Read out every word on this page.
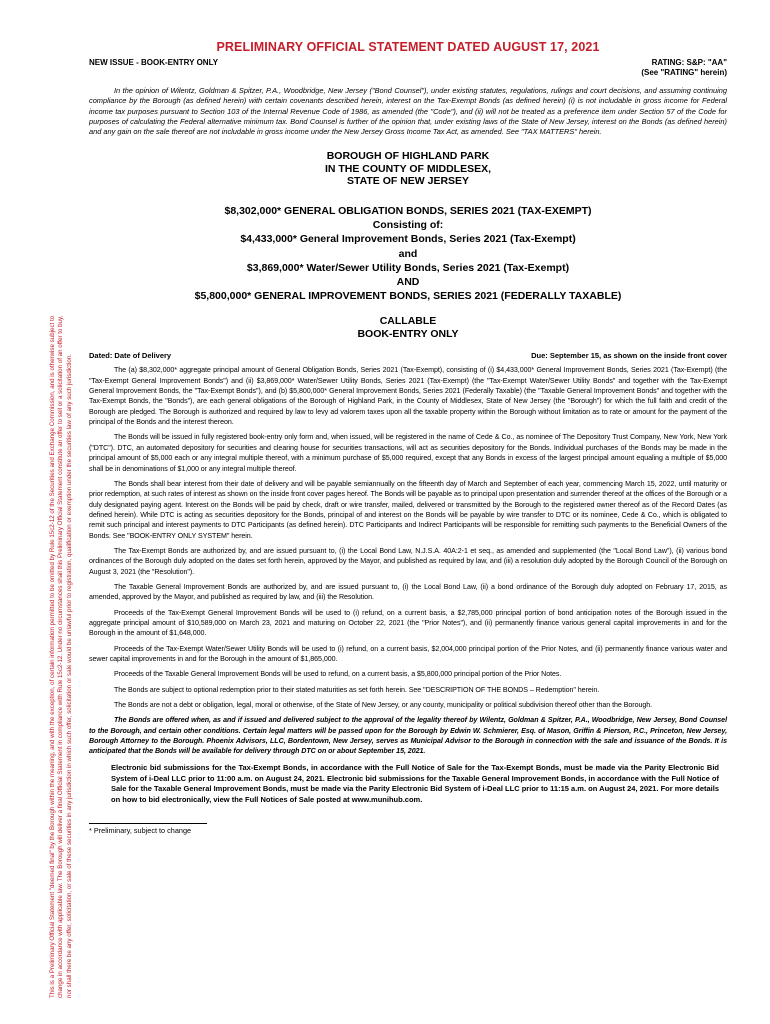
This is a Preliminary Official Statement "deemed final" by the Borough within the meaning, and with the exception, of certain information permitted to be omitted by Rule 15c2-12 of the Securities and Exchange Commission, and is otherwise subject to change in accordance with applicable law. The Borough will deliver a final Official Statement in compliance with Rule 15c2-12. Under no circumstances shall this Preliminary Official Statement constitute an offer to sell or a solicitation of an offer to buy, nor shall there be any offer, solicitation, or sale of these securities in any jurisdiction in which such offer, solicitation or sale would be unlawful prior to registration, qualification or exemption under the securities law of any such jurisdiction.

PRELIMINARY OFFICIAL STATEMENT DATED AUGUST 17, 2021
NEW ISSUE - BOOK-ENTRY ONLY	RATING: S&P: "AA"
(See "RATING" herein)

In the opinion of Wilentz, Goldman & Spitzer, P.A., Woodbridge, New Jersey ("Bond Counsel"), under existing statutes, regulations, rulings and court decisions, and assuming continuing compliance by the Borough (as defined herein) with certain covenants described herein, interest on the Tax-Exempt Bonds (as defined herein) (i) is not includable in gross income for Federal income tax purposes pursuant to Section 103 of the Internal Revenue Code of 1986, as amended (the "Code"), and (ii) will not be treated as a preference item under Section 57 of the Code for purposes of calculating the Federal alternative minimum tax. Bond Counsel is further of the opinion that, under existing laws of the State of New Jersey, interest on the Bonds (as defined herein) and any gain on the sale thereof are not includable in gross income under the New Jersey Gross Income Tax Act, as amended. See "TAX MATTERS" herein.

BOROUGH OF HIGHLAND PARK
IN THE COUNTY OF MIDDLESEX,
STATE OF NEW JERSEY
$8,302,000* GENERAL OBLIGATION BONDS, SERIES 2021 (TAX-EXEMPT)
Consisting of:
$4,433,000* General Improvement Bonds, Series 2021 (Tax-Exempt)
and
$3,869,000* Water/Sewer Utility Bonds, Series 2021 (Tax-Exempt)
AND
$5,800,000* GENERAL IMPROVEMENT BONDS, SERIES 2021 (FEDERALLY TAXABLE)
CALLABLE
BOOK-ENTRY ONLY
Dated: Date of Delivery	Due: September 15, as shown on the inside front cover

The (a) $8,302,000* aggregate principal amount of General Obligation Bonds, Series 2021 (Tax-Exempt), consisting of (i) $4,433,000* General Improvement Bonds, Series 2021 (Tax-Exempt) (the "Tax-Exempt General Improvement Bonds") and (ii) $3,869,000* Water/Sewer Utility Bonds, Series 2021 (Tax-Exempt) (the "Tax-Exempt Water/Sewer Utility Bonds" and together with the Tax-Exempt General Improvement Bonds, the "Tax-Exempt Bonds"), and (b) $5,800,000* General Improvement Bonds, Series 2021 (Federally Taxable) (the "Taxable General Improvement Bonds" and together with the Tax-Exempt Bonds, the "Bonds"), are each general obligations of the Borough of Highland Park, in the County of Middlesex, State of New Jersey (the "Borough") for which the full faith and credit of the Borough are pledged. The Borough is authorized and required by law to levy ad valorem taxes upon all the taxable property within the Borough without limitation as to rate or amount for the payment of the principal of the Bonds and the interest thereon.

The Bonds will be issued in fully registered book-entry only form and, when issued, will be registered in the name of Cede & Co., as nominee of The Depository Trust Company, New York, New York ("DTC"). DTC, an automated depository for securities and clearing house for securities transactions, will act as securities depository for the Bonds. Individual purchases of the Bonds may be made in the principal amount of $5,000 each or any integral multiple thereof, with a minimum purchase of $5,000 required, except that any Bonds in excess of the largest principal amount equaling a multiple of $5,000 shall be in denominations of $1,000 or any integral multiple thereof.

The Bonds shall bear interest from their date of delivery and will be payable semiannually on the fifteenth day of March and September of each year, commencing March 15, 2022, until maturity or prior redemption, at such rates of interest as shown on the inside front cover pages hereof. The Bonds will be payable as to principal upon presentation and surrender thereof at the offices of the Borough or a duly designated paying agent. Interest on the Bonds will be paid by check, draft or wire transfer, mailed, delivered or transmitted by the Borough to the registered owner thereof as of the Record Dates (as defined herein). While DTC is acting as securities depository for the Bonds, principal of and interest on the Bonds will be payable by wire transfer to DTC or its nominee, Cede & Co., which is obligated to remit such principal and interest payments to DTC Participants (as defined herein). DTC Participants and Indirect Participants will be responsible for remitting such payments to the Beneficial Owners of the Bonds. See "BOOK-ENTRY ONLY SYSTEM" herein.

The Tax-Exempt Bonds are authorized by, and are issued pursuant to, (i) the Local Bond Law, N.J.S.A. 40A:2-1 et seq., as amended and supplemented (the "Local Bond Law"), (ii) various bond ordinances of the Borough duly adopted on the dates set forth herein, approved by the Mayor, and published as required by law, and (iii) a resolution duly adopted by the Borough Council of the Borough on August 3, 2021 (the "Resolution").

The Taxable General Improvement Bonds are authorized by, and are issued pursuant to, (i) the Local Bond Law, (ii) a bond ordinance of the Borough duly adopted on February 17, 2015, as amended, approved by the Mayor, and published as required by law, and (iii) the Resolution.

Proceeds of the Tax-Exempt General Improvement Bonds will be used to (i) refund, on a current basis, a $2,785,000 principal portion of bond anticipation notes of the Borough issued in the aggregate principal amount of $10,589,000 on March 23, 2021 and maturing on October 22, 2021 (the "Prior Notes"), and (ii) permanently finance various general capital improvements in and for the Borough in the amount of $1,648,000.

Proceeds of the Tax-Exempt Water/Sewer Utility Bonds will be used to (i) refund, on a current basis, $2,004,000 principal portion of the Prior Notes, and (ii) permanently finance various water and sewer capital improvements in and for the Borough in the amount of $1,865,000.

Proceeds of the Taxable General Improvement Bonds will be used to refund, on a current basis, a $5,800,000 principal portion of the Prior Notes.

The Bonds are subject to optional redemption prior to their stated maturities as set forth herein. See "DESCRIPTION OF THE BONDS – Redemption" herein.

The Bonds are not a debt or obligation, legal, moral or otherwise, of the State of New Jersey, or any county, municipality or political subdivision thereof other than the Borough.

The Bonds are offered when, as and if issued and delivered subject to the approval of the legality thereof by Wilentz, Goldman & Spitzer, P.A., Woodbridge, New Jersey, Bond Counsel to the Borough, and certain other conditions. Certain legal matters will be passed upon for the Borough by Edwin W. Schmierer, Esq. of Mason, Griffin & Pierson, P.C., Princeton, New Jersey, Borough Attorney to the Borough. Phoenix Advisors, LLC, Bordentown, New Jersey, serves as Municipal Advisor to the Borough in connection with the sale and issuance of the Bonds. It is anticipated that the Bonds will be available for delivery through DTC on or about September 15, 2021.

Electronic bid submissions for the Tax-Exempt Bonds, in accordance with the Full Notice of Sale for the Tax-Exempt Bonds, must be made via the Parity Electronic Bid System of i-Deal LLC prior to 11:00 a.m. on August 24, 2021. Electronic bid submissions for the Taxable General Improvement Bonds, in accordance with the Full Notice of Sale for the Taxable General Improvement Bonds, must be made via the Parity Electronic Bid System of i-Deal LLC prior to 11:15 a.m. on August 24, 2021. For more details on how to bid electronically, view the Full Notices of Sale posted at www.munihub.com.

* Preliminary, subject to change
